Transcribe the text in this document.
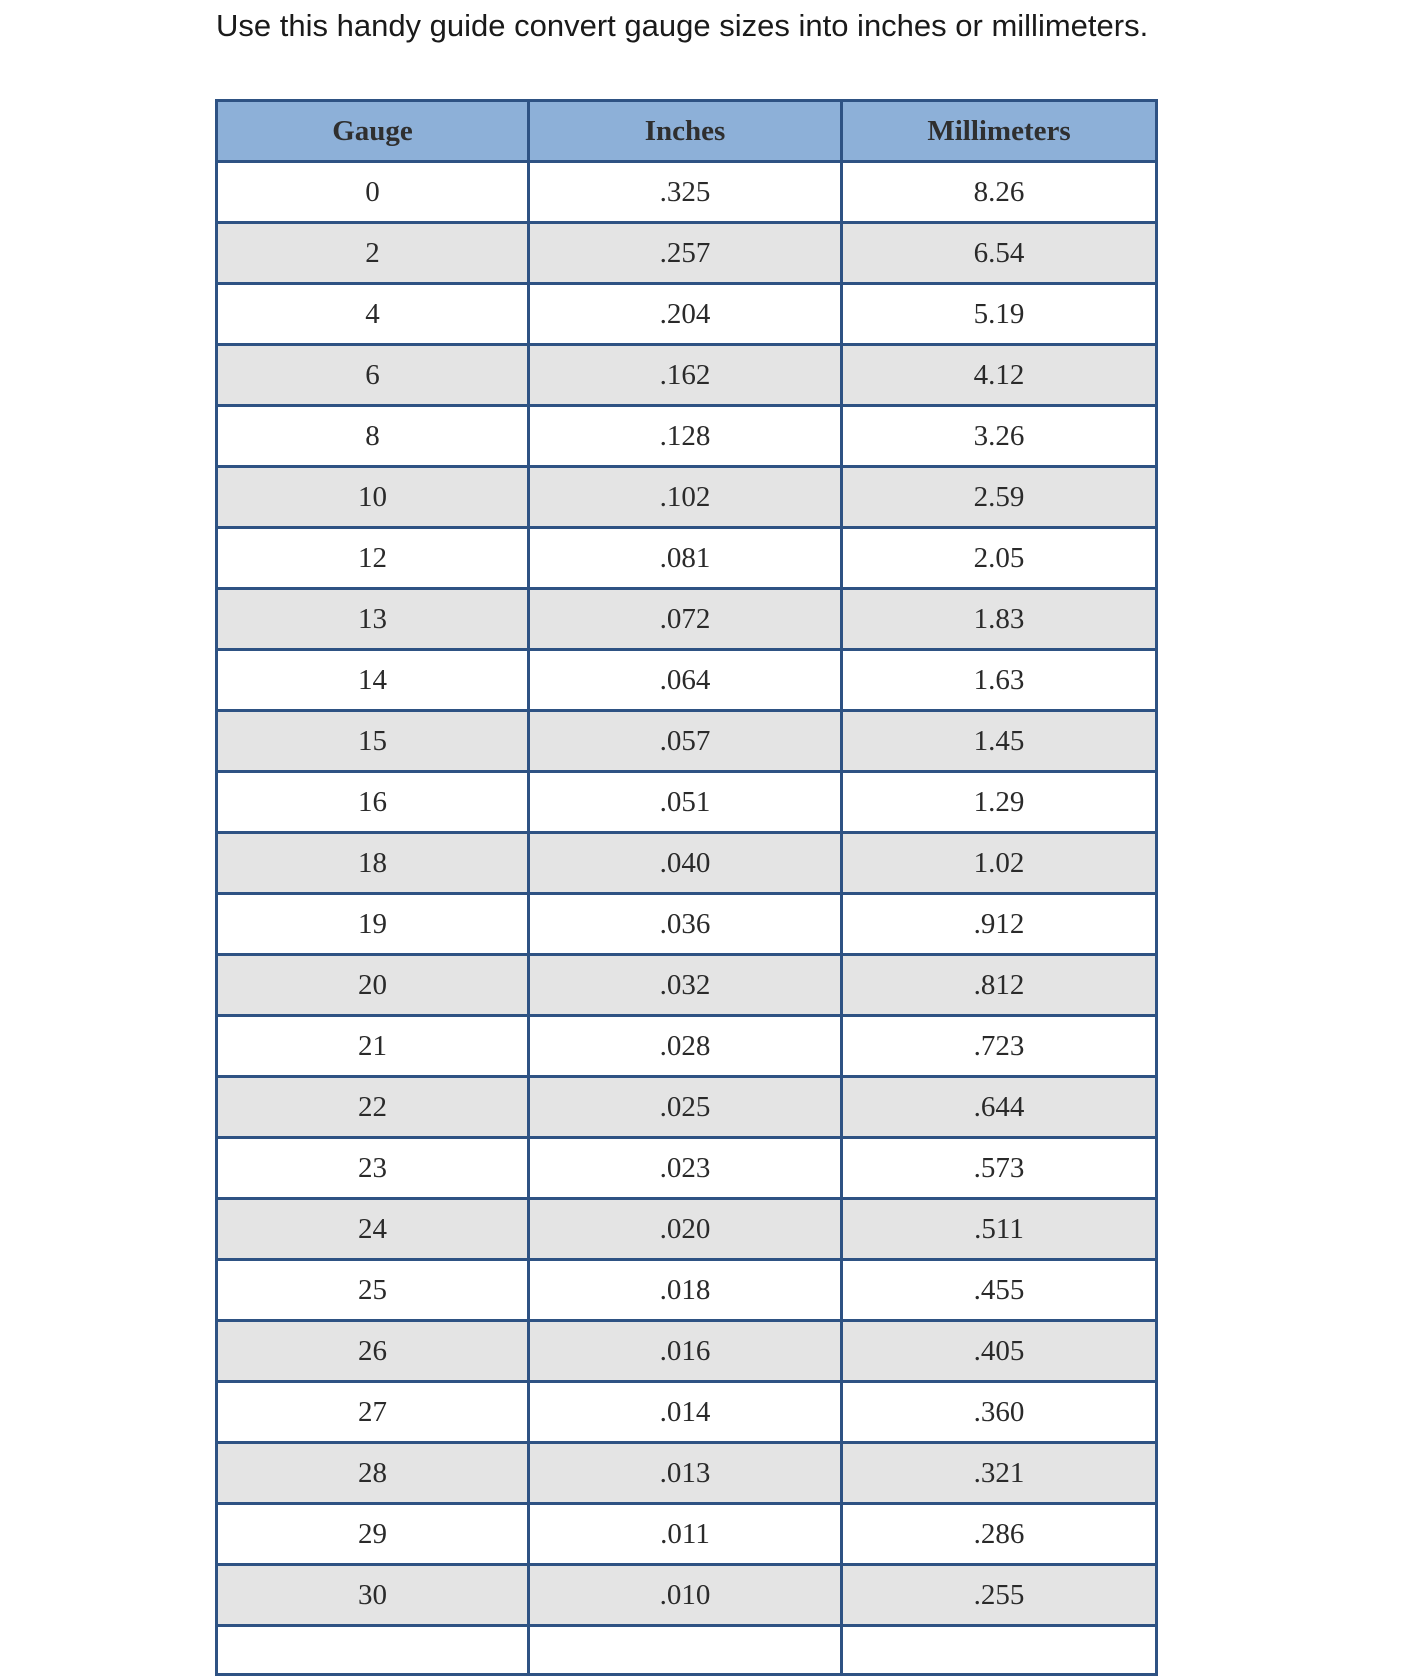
Use this handy guide convert gauge sizes into inches or millimeters.
Gauge	Inches	Millimeters
0	.325	8.26
2	.257	6.54
4	.204	5.19
6	.162	4.12
8	.128	3.26
10	.102	2.59
12	.081	2.05
13	.072	1.83
14	.064	1.63
15	.057	1.45
16	.051	1.29
18	.040	1.02
19	.036	.912
20	.032	.812
21	.028	.723
22	.025	.644
23	.023	.573
24	.020	.511
25	.018	.455
26	.016	.405
27	.014	.360
28	.013	.321
29	.011	.286
30	.010	.255
